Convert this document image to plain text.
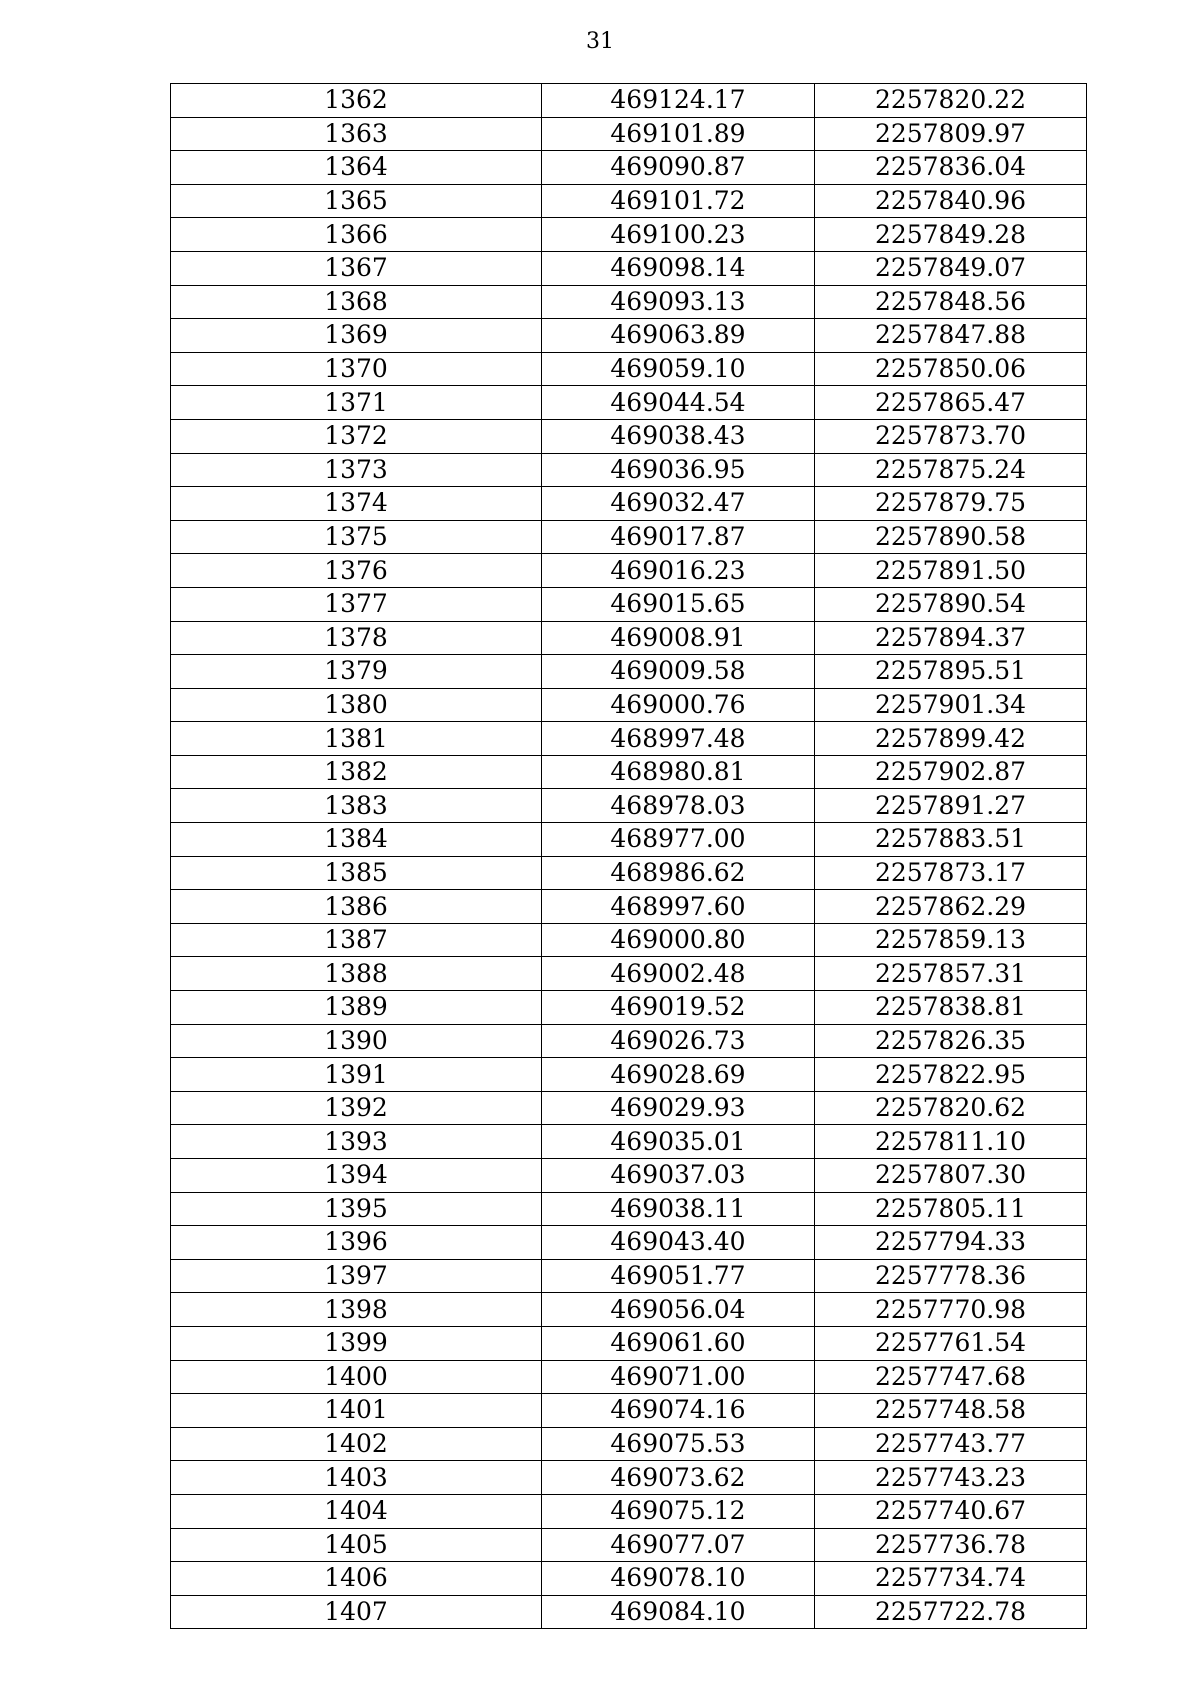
31
1362	469124.17	2257820.22
1363	469101.89	2257809.97
1364	469090.87	2257836.04
1365	469101.72	2257840.96
1366	469100.23	2257849.28
1367	469098.14	2257849.07
1368	469093.13	2257848.56
1369	469063.89	2257847.88
1370	469059.10	2257850.06
1371	469044.54	2257865.47
1372	469038.43	2257873.70
1373	469036.95	2257875.24
1374	469032.47	2257879.75
1375	469017.87	2257890.58
1376	469016.23	2257891.50
1377	469015.65	2257890.54
1378	469008.91	2257894.37
1379	469009.58	2257895.51
1380	469000.76	2257901.34
1381	468997.48	2257899.42
1382	468980.81	2257902.87
1383	468978.03	2257891.27
1384	468977.00	2257883.51
1385	468986.62	2257873.17
1386	468997.60	2257862.29
1387	469000.80	2257859.13
1388	469002.48	2257857.31
1389	469019.52	2257838.81
1390	469026.73	2257826.35
1391	469028.69	2257822.95
1392	469029.93	2257820.62
1393	469035.01	2257811.10
1394	469037.03	2257807.30
1395	469038.11	2257805.11
1396	469043.40	2257794.33
1397	469051.77	2257778.36
1398	469056.04	2257770.98
1399	469061.60	2257761.54
1400	469071.00	2257747.68
1401	469074.16	2257748.58
1402	469075.53	2257743.77
1403	469073.62	2257743.23
1404	469075.12	2257740.67
1405	469077.07	2257736.78
1406	469078.10	2257734.74
1407	469084.10	2257722.78
